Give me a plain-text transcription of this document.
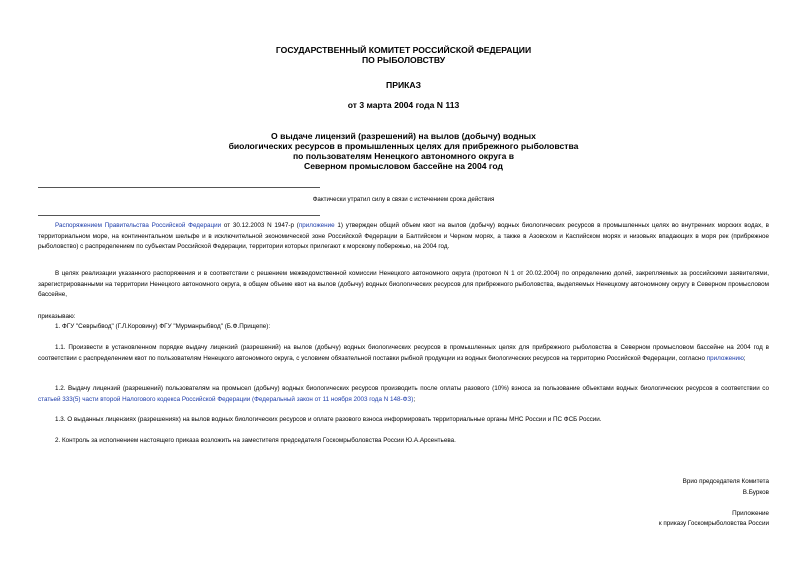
ГОСУДАРСТВЕННЫЙ КОМИТЕТ РОССИЙСКОЙ ФЕДЕРАЦИИ
ПО РЫБОЛОВСТВУ
ПРИКАЗ
от 3 марта 2004 года N 113
О выдаче лицензий (разрешений) на вылов (добычу) водных
биологических ресурсов в промышленных целях для прибрежного рыболовства
по пользователям Ненецкого автономного округа в
Северном промысловом бассейне на 2004 год
Фактически утратил силу в связи с истечением срока действия
Распоряжением Правительства Российской Федерации от 30.12.2003 N 1947-р (приложение 1) утвержден общий объем квот на вылов (добычу) водных биологических ресурсов в промышленных целях во внутренних морских водах, в территориальном море, на континентальном шельфе и в исключительной экономической зоне Российской Федерации в Балтийском и Черном морях, а также в Азовском и Каспийском морях и низовьях впадающих в моря рек (прибрежное рыболовство) с распределением по субъектам Российской Федерации, территории которых прилегают к морскому побережью, на 2004 год.
В целях реализации указанного распоряжения и в соответствии с решением межведомственной комиссии Ненецкого автономного округа (протокол N 1 от 20.02.2004) по определению долей, закрепляемых за российскими заявителями, зарегистрированными на территории Ненецкого автономного округа, в общем объеме квот на вылов (добычу) водных биологических ресурсов для прибрежного рыболовства, выделяемых Ненецкому автономному округу в Северном промысловом бассейне,
приказываю:
1. ФГУ "Севрыбвод" (Г.Л.Коровину) ФГУ "Мурманрыбвод" (Б.Ф.Прищепе):
1.1. Произвести в установленном порядке выдачу лицензий (разрешений) на вылов (добычу) водных биологических ресурсов в промышленных целях для прибрежного рыболовства в Северном промысловом бассейне на 2004 год в соответствии с распределением квот по пользователям Ненецкого автономного округа, с условием обязательной поставки рыбной продукции из водных биологических ресурсов на территорию Российской Федерации, согласно приложению;
1.2. Выдачу лицензий (разрешений) пользователям на промысел (добычу) водных биологических ресурсов производить после оплаты разового (10%) взноса за пользование объектами водных биологических ресурсов в соответствии со статьей 333(5) части второй Налогового кодекса Российской Федерации (Федеральный закон от 11 ноября 2003 года N 148-ФЗ);
1.3. О выданных лицензиях (разрешениях) на вылов водных биологических ресурсов и оплате разового взноса информировать территориальные органы МНС России и ПС ФСБ России.
2. Контроль за исполнением настоящего приказа возложить на заместителя председателя Госкомрыболовства России Ю.А.Арсентьева.
Врио председателя Комитета
В.Бурков
Приложение
к приказу Госкомрыболовства России
